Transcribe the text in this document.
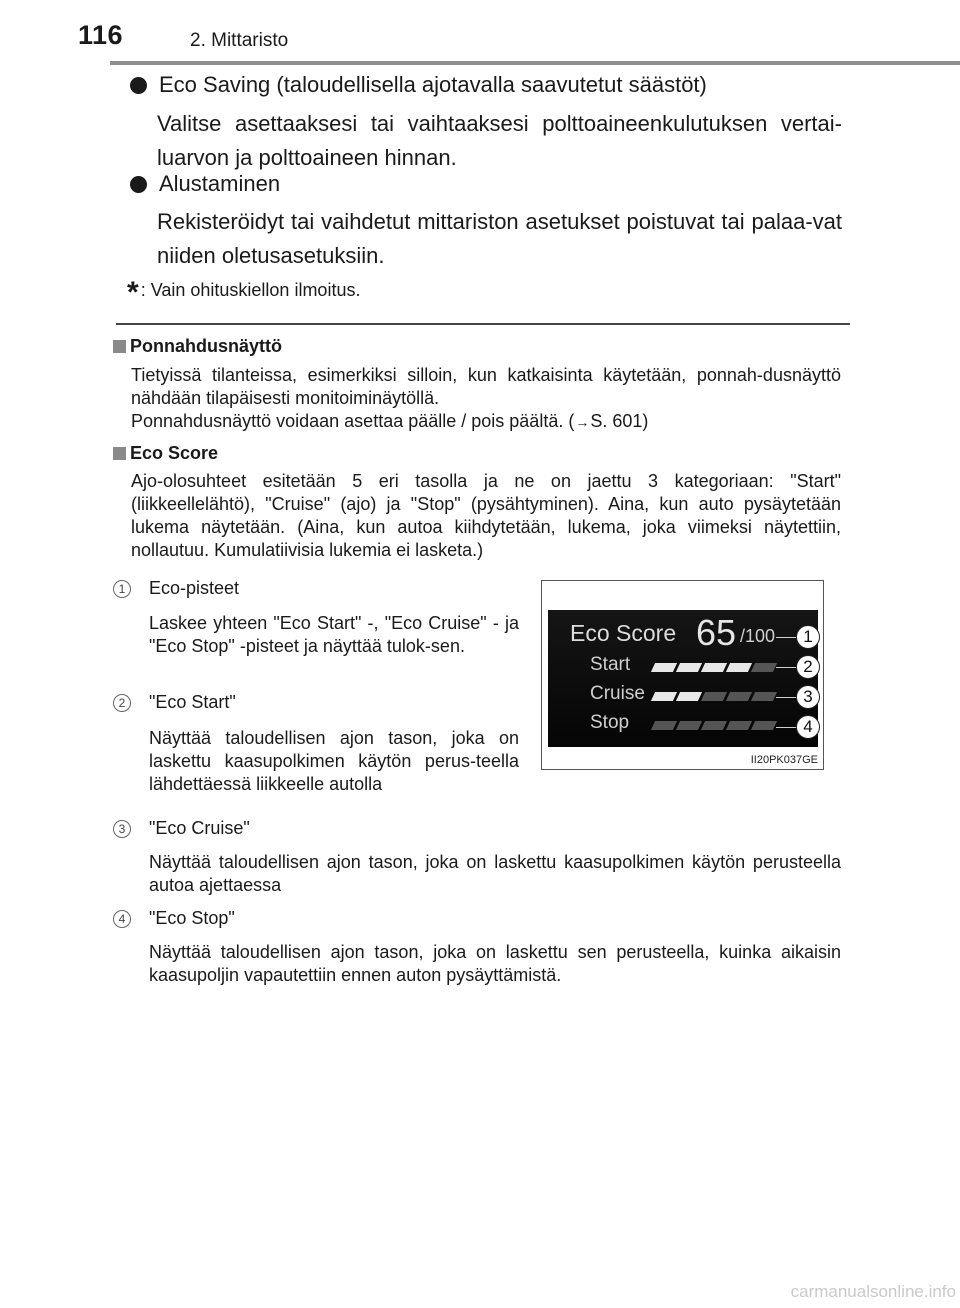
116	2. Mittaristo
Eco Saving (taloudellisella ajotavalla saavutetut säästöt)
Valitse asettaaksesi tai vaihtaaksesi polttoaineenkulutuksen vertai-luarvon ja polttoaineen hinnan.
Alustaminen
Rekisteröidyt tai vaihdetut mittariston asetukset poistuvat tai palaa-vat niiden oletusasetuksiin.
* : Vain ohituskiellon ilmoitus.
Ponnahdusnäyttö
Tietyissä tilanteissa, esimerkiksi silloin, kun katkaisinta käytetään, ponnah-dusnäyttö nähdään tilapäisesti monitoiminäytöllä.
Ponnahdusnäyttö voidaan asettaa päälle / pois päältä. (→S. 601)
Eco Score
Ajo-olosuhteet esitetään 5 eri tasolla ja ne on jaettu 3 kategoriaan: "Start" (liikkeellelähtö), "Cruise" (ajo) ja "Stop" (pysähtyminen). Aina, kun auto pysäytetään lukema näytetään. (Aina, kun autoa kiihdytetään, lukema, joka viimeksi näytettiin, nollautuu. Kumulatiivisia lukemia ei lasketa.)
1	Eco-pisteet
Laskee yhteen "Eco Start" -, "Eco Cruise" - ja "Eco Stop" -pisteet ja näyttää tulok-sen.
2	"Eco Start"
Näyttää taloudellisen ajon tason, joka on laskettu kaasupolkimen käytön perus-teella lähdettäessä liikkeelle autolla
3	"Eco Cruise"
Näyttää taloudellisen ajon tason, joka on laskettu kaasupolkimen käytön perusteella autoa ajettaessa
4	"Eco Stop"
Näyttää taloudellisen ajon tason, joka on laskettu sen perusteella, kuinka aikaisin kaasupoljin vapautettiin ennen auton pysäyttämistä.
Eco Score 65 /100
Start
Cruise
Stop
1
2
3
4
II20PK037GE
carmanualsonline.info
